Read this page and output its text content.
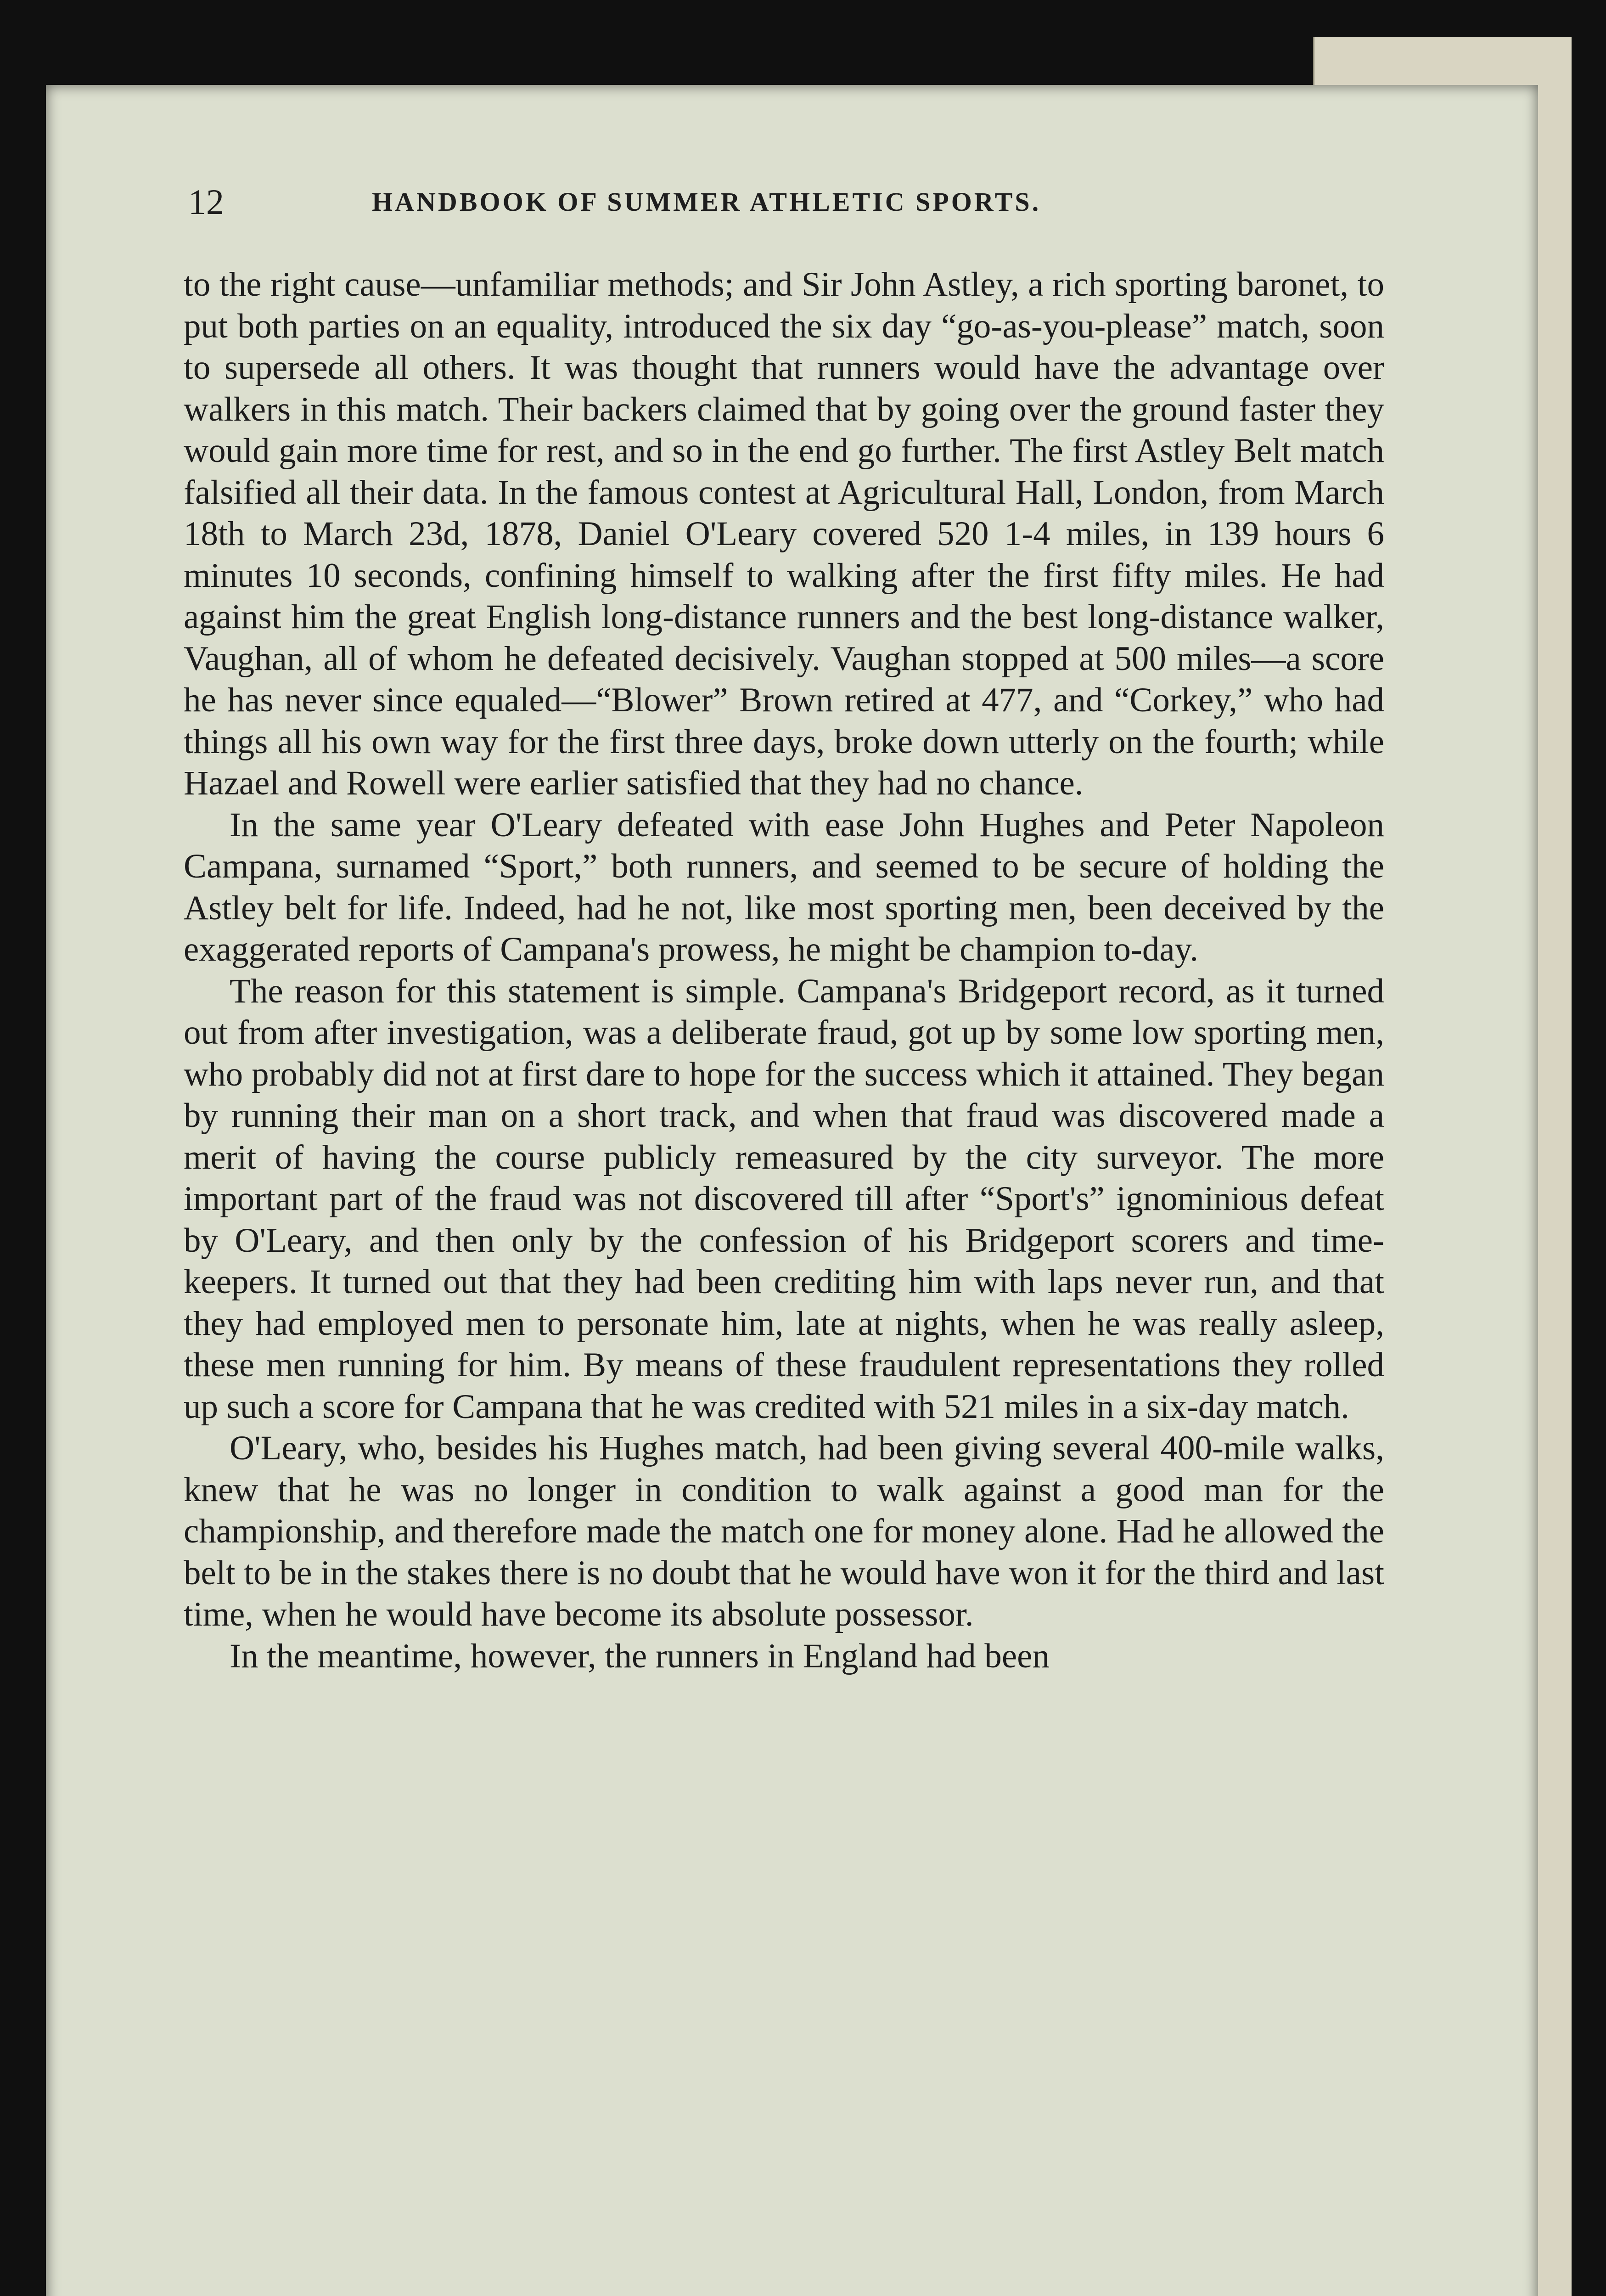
12	HANDBOOK OF SUMMER ATHLETIC SPORTS.

to the right cause—unfamiliar methods; and Sir John Astley, a rich sporting baronet, to put both parties on an equality, introduced the six day “go-as-you-please” match, soon to supersede all others. It was thought that runners would have the advantage over walkers in this match. Their backers claimed that by going over the ground faster they would gain more time for rest, and so in the end go further. The first Astley Belt match falsified all their data. In the famous contest at Agricultural Hall, London, from March 18th to March 23d, 1878, Daniel O'Leary covered 520 1-4 miles, in 139 hours 6 minutes 10 seconds, confining himself to walking after the first fifty miles. He had against him the great English long-distance runners and the best long-distance walker, Vaughan, all of whom he defeated decisively. Vaughan stopped at 500 miles—a score he has never since equaled—“Blower” Brown retired at 477, and “Corkey,” who had things all his own way for the first three days, broke down utterly on the fourth; while Hazael and Rowell were earlier satisfied that they had no chance.

In the same year O'Leary defeated with ease John Hughes and Peter Napoleon Campana, surnamed “Sport,” both runners, and seemed to be secure of holding the Astley belt for life. Indeed, had he not, like most sporting men, been deceived by the exaggerated reports of Campana's prowess, he might be champion to-day.

The reason for this statement is simple. Campana's Bridgeport record, as it turned out from after investigation, was a deliberate fraud, got up by some low sporting men, who probably did not at first dare to hope for the success which it attained. They began by running their man on a short track, and when that fraud was discovered made a merit of having the course publicly remeasured by the city surveyor. The more important part of the fraud was not discovered till after “Sport's” ignominious defeat by O'Leary, and then only by the confession of his Bridgeport scorers and time-keepers. It turned out that they had been crediting him with laps never run, and that they had employed men to personate him, late at nights, when he was really asleep, these men running for him. By means of these fraudulent representations they rolled up such a score for Campana that he was credited with 521 miles in a six-day match.

O'Leary, who, besides his Hughes match, had been giving several 400-mile walks, knew that he was no longer in condition to walk against a good man for the championship, and therefore made the match one for money alone. Had he allowed the belt to be in the stakes there is no doubt that he would have won it for the third and last time, when he would have become its absolute possessor.

In the meantime, however, the runners in England had been
